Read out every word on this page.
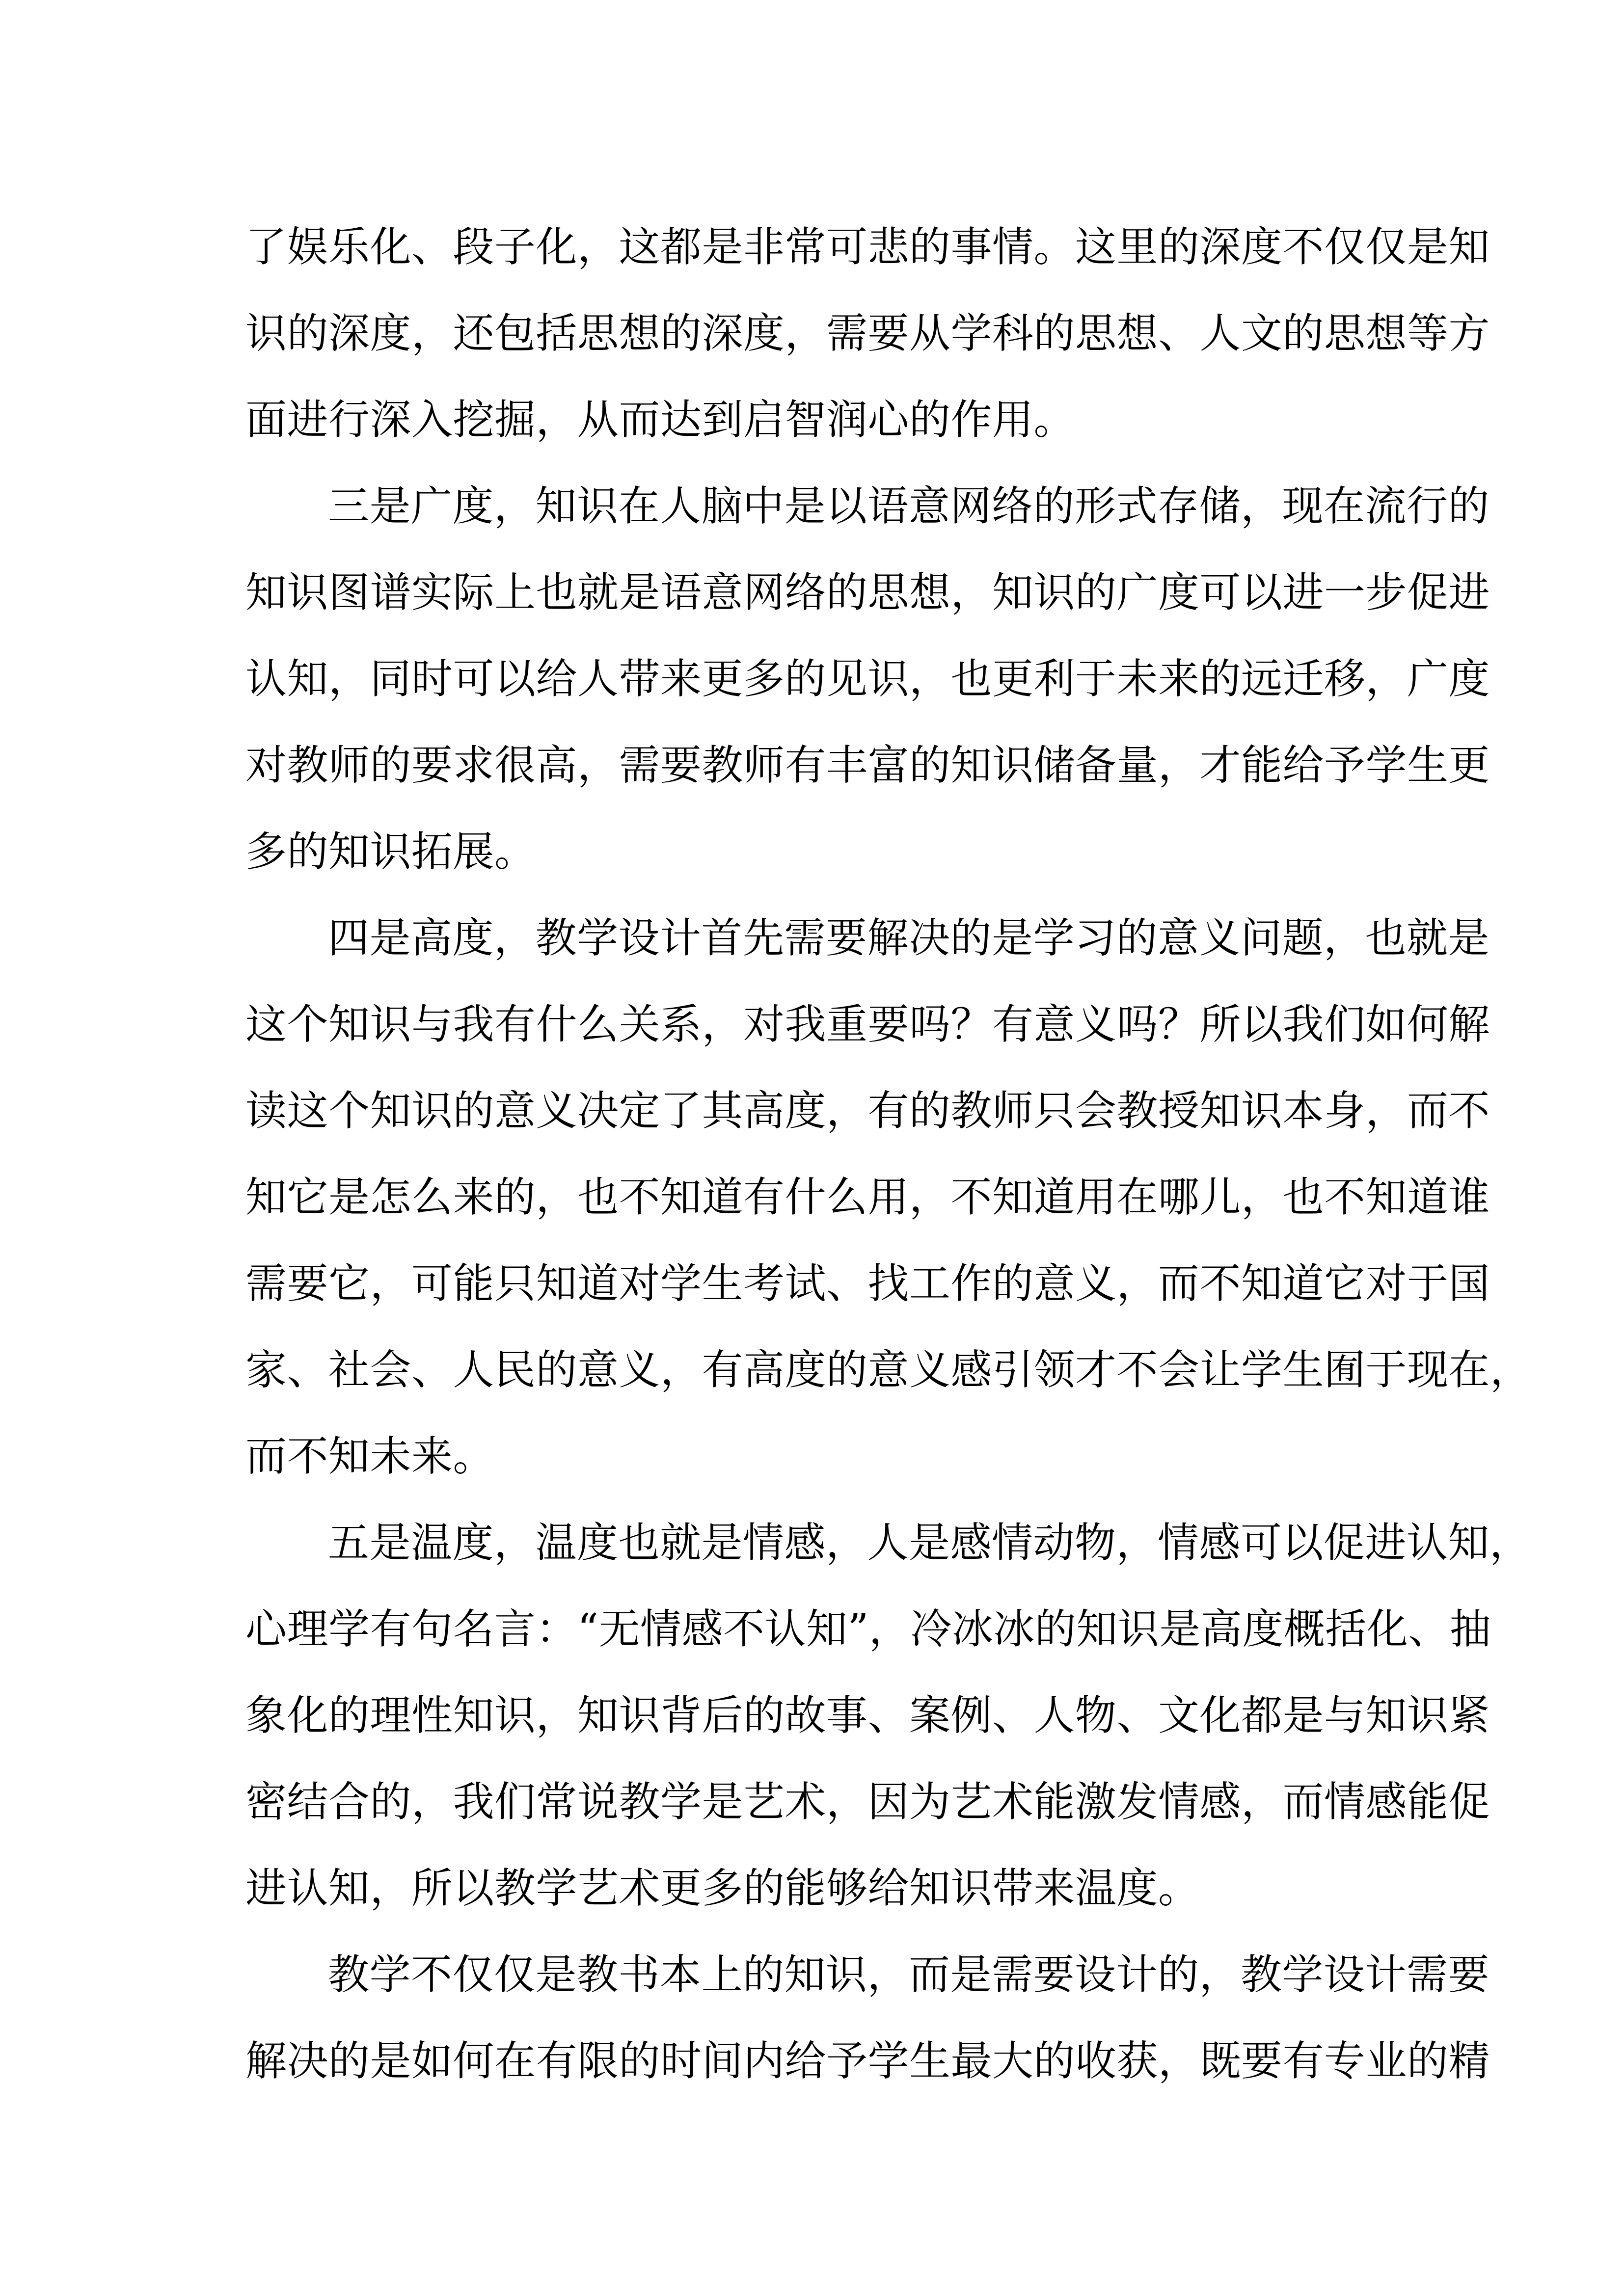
了娱乐化、段子化，这都是非常可悲的事情。这里的深度不仅仅是知
识的深度，还包括思想的深度，需要从学科的思想、人文的思想等方
面进行深入挖掘，从而达到启智润心的作用。
三是广度，知识在人脑中是以语意网络的形式存储，现在流行的
知识图谱实际上也就是语意网络的思想，知识的广度可以进一步促进
认知，同时可以给人带来更多的见识，也更利于未来的远迁移，广度
对教师的要求很高，需要教师有丰富的知识储备量，才能给予学生更
多的知识拓展。
四是高度，教学设计首先需要解决的是学习的意义问题，也就是
这个知识与我有什么关系，对我重要吗？有意义吗？所以我们如何解
读这个知识的意义决定了其高度，有的教师只会教授知识本身，而不
知它是怎么来的，也不知道有什么用，不知道用在哪儿，也不知道谁
需要它，可能只知道对学生考试、找工作的意义，而不知道它对于国
家、社会、人民的意义，有高度的意义感引领才不会让学生囿于现在，
而不知未来。
五是温度，温度也就是情感，人是感情动物，情感可以促进认知，
心理学有句名言：“无情感不认知”，冷冰冰的知识是高度概括化、抽
象化的理性知识，知识背后的故事、案例、人物、文化都是与知识紧
密结合的，我们常说教学是艺术，因为艺术能激发情感，而情感能促
进认知，所以教学艺术更多的能够给知识带来温度。
教学不仅仅是教书本上的知识，而是需要设计的，教学设计需要
解决的是如何在有限的时间内给予学生最大的收获，既要有专业的精
